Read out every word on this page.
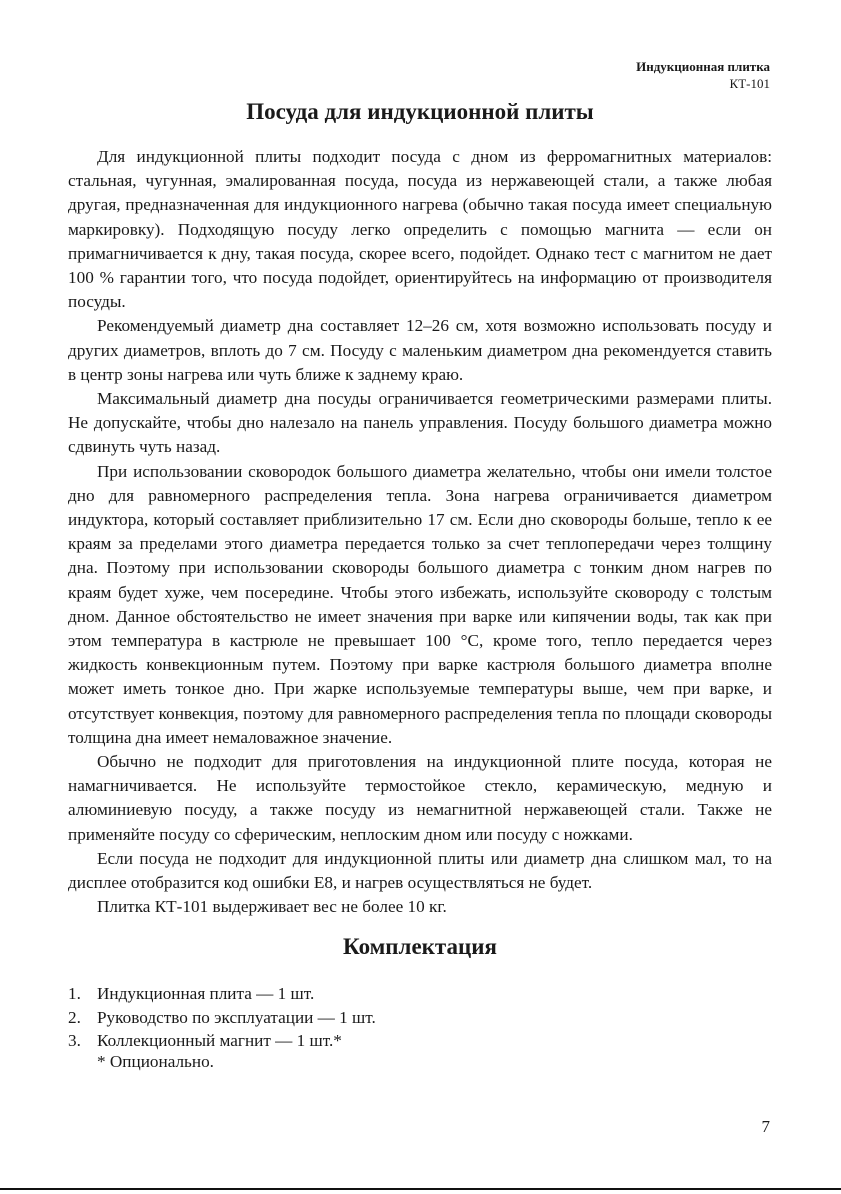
Индукционная плитка
КТ-101
Посуда для индукционной плиты

Для индукционной плиты подходит посуда с дном из ферромагнитных материалов: стальная, чугунная, эмалированная посуда, посуда из нержавеющей стали, а также любая другая, предназначенная для индукционного нагрева (обычно такая посуда имеет специальную маркировку). Подходящую посуду легко определить с помощью магнита — если он примагничивается к дну, такая посуда, скорее всего, подойдет. Однако тест с магнитом не дает 100 % гарантии того, что посуда подойдет, ориентируйтесь на информацию от производителя посуды.

Рекомендуемый диаметр дна составляет 12–26 см, хотя возможно использовать посуду и других диаметров, вплоть до 7 см. Посуду с маленьким диаметром дна рекомендуется ставить в центр зоны нагрева или чуть ближе к заднему краю.

Максимальный диаметр дна посуды ограничивается геометрическими размерами плиты. Не допускайте, чтобы дно налезало на панель управления. Посуду большого диаметра можно сдвинуть чуть назад.

При использовании сковородок большого диаметра желательно, чтобы они имели толстое дно для равномерного распределения тепла. Зона нагрева ограничивается диаметром индуктора, который составляет приблизительно 17 см. Если дно сковороды больше, тепло к ее краям за пределами этого диаметра передается только за счет теплопередачи через толщину дна. Поэтому при использовании сковороды большого диаметра с тонким дном нагрев по краям будет хуже, чем посередине. Чтобы этого избежать, используйте сковороду с толстым дном. Данное обстоятельство не имеет значения при варке или кипячении воды, так как при этом температура в кастрюле не превышает 100 °С, кроме того, тепло передается через жидкость конвекционным путем. Поэтому при варке кастрюля большого диаметра вполне может иметь тонкое дно. При жарке используемые температуры выше, чем при варке, и отсутствует конвекция, поэтому для равномерного распределения тепла по площади сковороды толщина дна имеет немаловажное значение.

Обычно не подходит для приготовления на индукционной плите посуда, которая не намагничивается. Не используйте термостойкое стекло, керамическую, медную и алюминиевую посуду, а также посуду из немагнитной нержавеющей стали. Также не применяйте посуду со сферическим, неплоским дном или посуду с ножками.

Если посуда не подходит для индукционной плиты или диаметр дна слишком мал, то на дисплее отобразится код ошибки Е8, и нагрев осуществляться не будет.

Плитка КТ-101 выдерживает вес не более 10 кг.

Комплектация
1. Индукционная плита — 1 шт.
2. Руководство по эксплуатации — 1 шт.
3. Коллекционный магнит — 1 шт.*
* Опционально.
7
